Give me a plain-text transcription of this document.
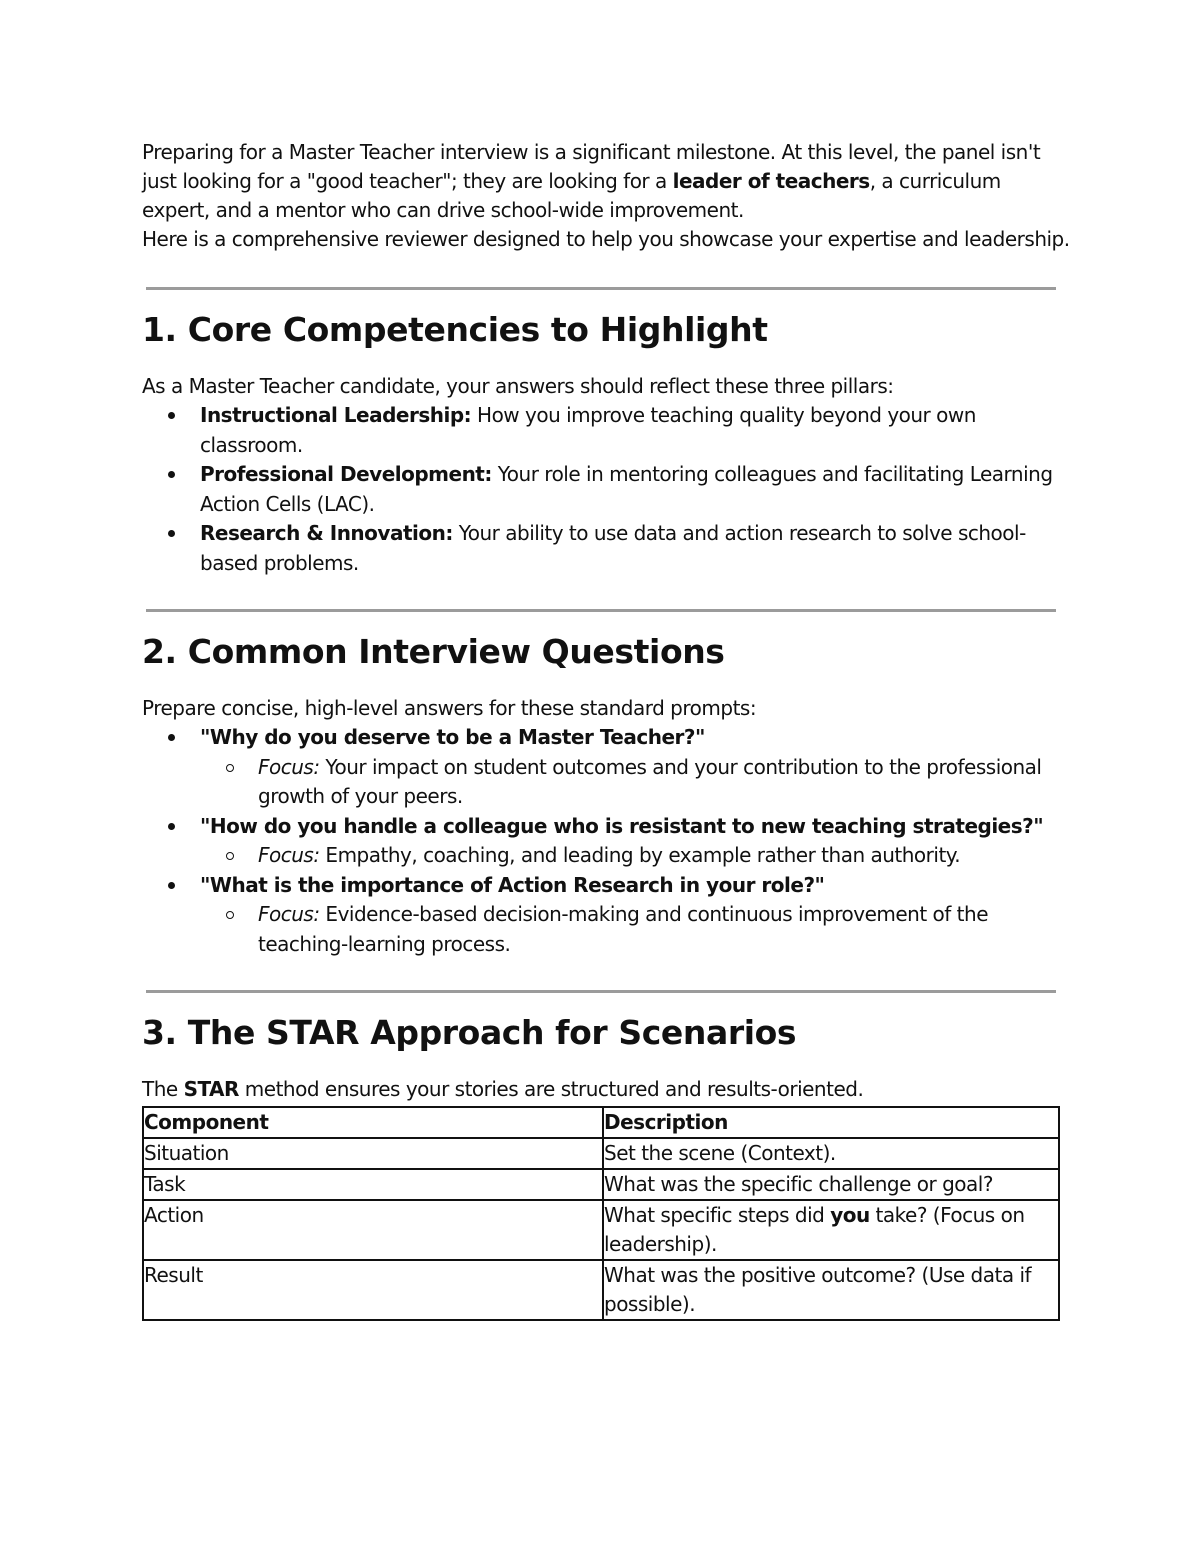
Preparing for a Master Teacher interview is a significant milestone. At this level, the panel isn't just looking for a "good teacher"; they are looking for a leader of teachers, a curriculum expert, and a mentor who can drive school-wide improvement.

Here is a comprehensive reviewer designed to help you showcase your expertise and leadership.

1. Core Competencies to Highlight

As a Master Teacher candidate, your answers should reflect these three pillars:

Instructional Leadership: How you improve teaching quality beyond your own classroom.
Professional Development: Your role in mentoring colleagues and facilitating Learning Action Cells (LAC).
Research & Innovation: Your ability to use data and action research to solve school-based problems.
2. Common Interview Questions

Prepare concise, high-level answers for these standard prompts:

"Why do you deserve to be a Master Teacher?"
Focus: Your impact on student outcomes and your contribution to the professional growth of your peers.
"How do you handle a colleague who is resistant to new teaching strategies?"
Focus: Empathy, coaching, and leading by example rather than authority.
"What is the importance of Action Research in your role?"
Focus: Evidence-based decision-making and continuous improvement of the teaching-learning process.
3. The STAR Approach for Scenarios

The STAR method ensures your stories are structured and results-oriented.

Component	Description
Situation	Set the scene (Context).
Task	What was the specific challenge or goal?
Action	What specific steps did you take? (Focus on leadership).
Result	What was the positive outcome? (Use data if possible).
